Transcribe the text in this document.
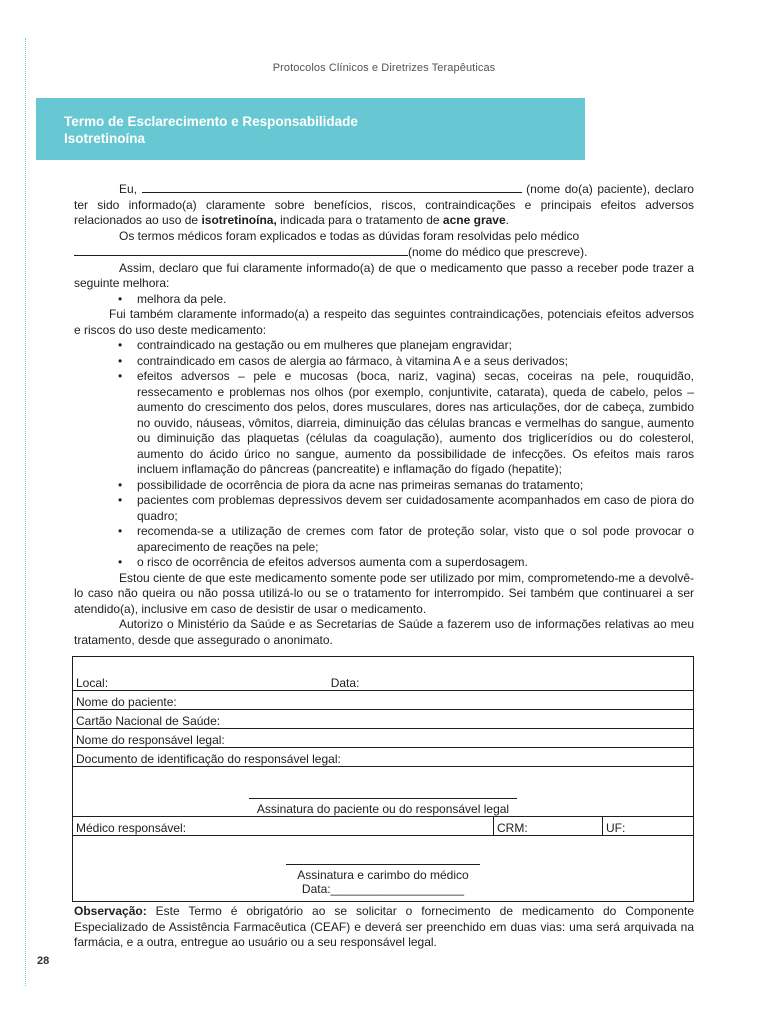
Protocolos Clínicos e Diretrizes Terapêuticas
Termo de Esclarecimento e Responsabilidade
Isotretinoína

Eu,	(nome do(a) paciente), declaro ter sido informado(a) claramente sobre benefícios, riscos, contraindicações e principais efeitos adversos relacionados ao uso de isotretinoína, indicada para o tratamento de acne grave.

Os termos médicos foram explicados e todas as dúvidas foram resolvidas pelo médico
(nome do médico que prescreve).

Assim, declaro que fui claramente informado(a) de que o medicamento que passo a receber pode trazer a seguinte melhora:

• melhora da pele.

Fui também claramente informado(a) a respeito das seguintes contraindicações, potenciais efeitos adversos e riscos do uso deste medicamento:

• contraindicado na gestação ou em mulheres que planejam engravidar;
• contraindicado em casos de alergia ao fármaco, à vitamina A e a seus derivados;
• efeitos adversos – pele e mucosas (boca, nariz, vagina) secas, coceiras na pele, rouquidão, ressecamento e problemas nos olhos (por exemplo, conjuntivite, catarata), queda de cabelo, pelos – aumento do crescimento dos pelos, dores musculares, dores nas articulações, dor de cabeça, zumbido no ouvido, náuseas, vômitos, diarreia, diminuição das células brancas e vermelhas do sangue, aumento ou diminuição das plaquetas (células da coagulação), aumento dos triglicerídios ou do colesterol, aumento do ácido úrico no sangue, aumento da possibilidade de infecções. Os efeitos mais raros incluem inflamação do pâncreas (pancreatite) e inflamação do fígado (hepatite);
• possibilidade de ocorrência de piora da acne nas primeiras semanas do tratamento;
• pacientes com problemas depressivos devem ser cuidadosamente acompanhados em caso de piora do quadro;
• recomenda-se a utilização de cremes com fator de proteção solar, visto que o sol pode provocar o aparecimento de reações na pele;
• o risco de ocorrência de efeitos adversos aumenta com a superdosagem.

Estou ciente de que este medicamento somente pode ser utilizado por mim, comprometendo-me a devolvê-lo caso não queira ou não possa utilizá-lo ou se o tratamento for interrompido. Sei também que continuarei a ser atendido(a), inclusive em caso de desistir de usar o medicamento.

Autorizo o Ministério da Saúde e as Secretarias de Saúde a fazerem uso de informações relativas ao meu tratamento, desde que assegurado o anonimato.

Local:	Data:
Nome do paciente:
Cartão Nacional de Saúde:
Nome do responsável legal:
Documento de identificação do responsável legal:

Assinatura do paciente ou do responsável legal
Médico responsável:	CRM:	UF:

Assinatura e carimbo do médico
Data:____________________
Observação: Este Termo é obrigatório ao se solicitar o fornecimento de medicamento do Componente Especializado de Assistência Farmacêutica (CEAF) e deverá ser preenchido em duas vias: uma será arquivada na farmácia, e a outra, entregue ao usuário ou a seu responsável legal.
28
